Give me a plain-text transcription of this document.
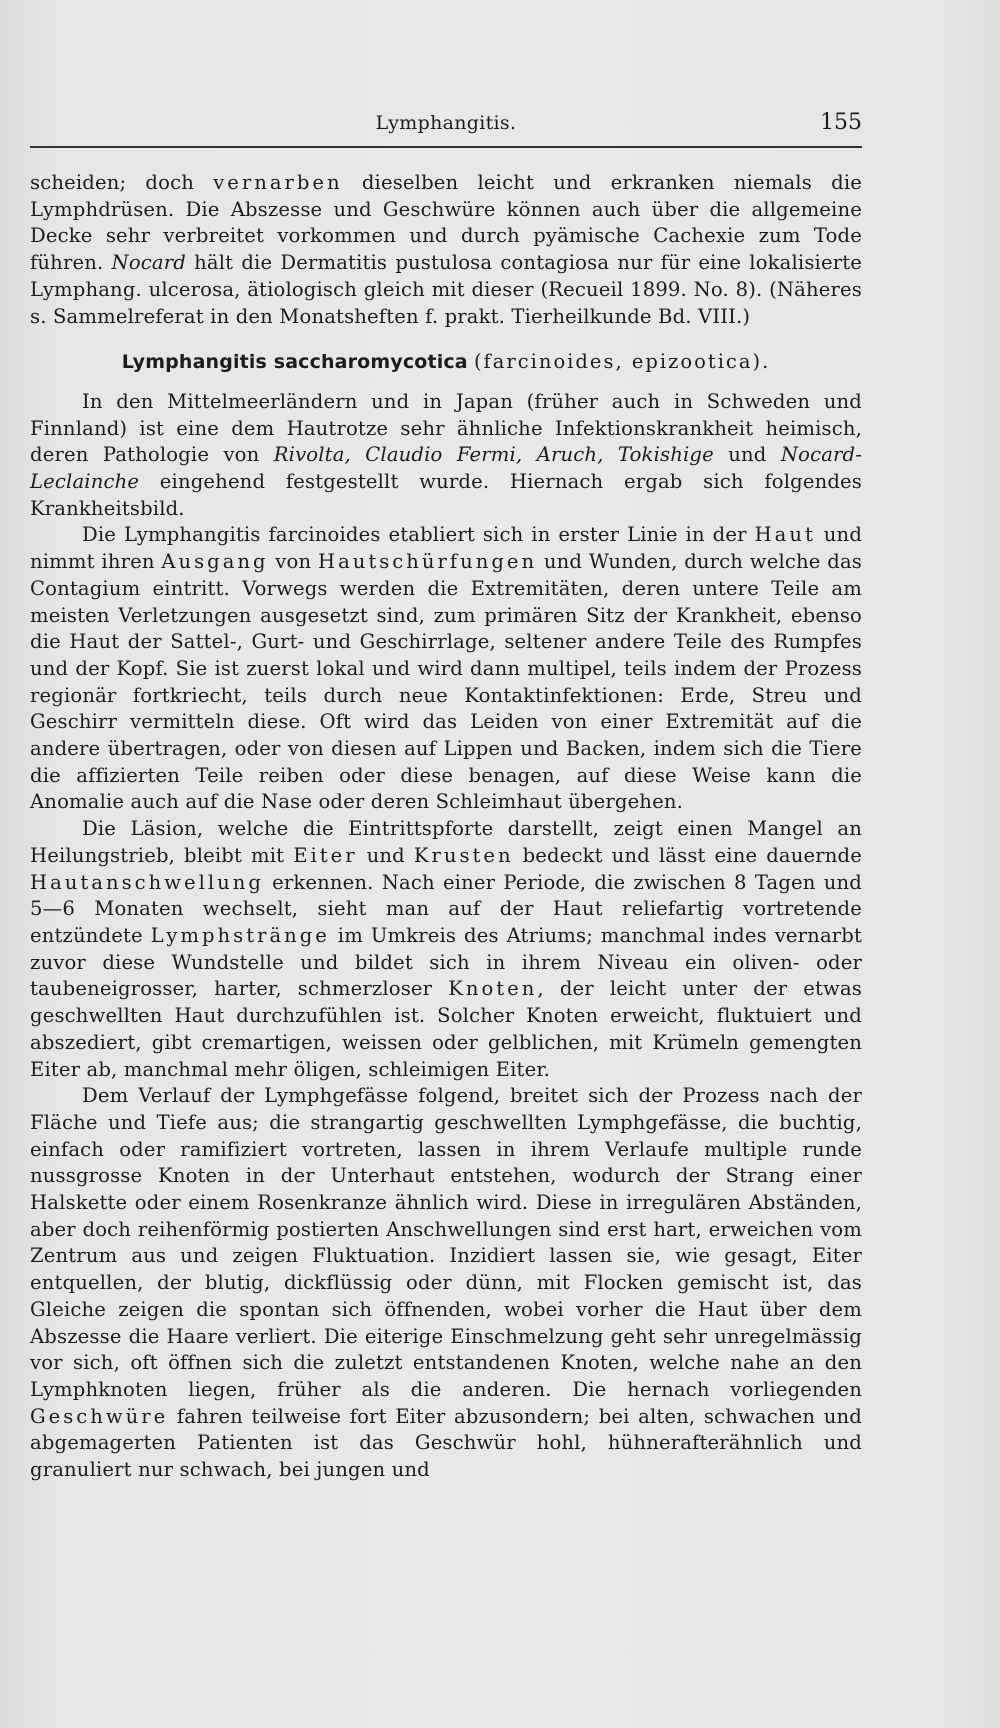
Lymphangitis.	155

scheiden; doch vernarben dieselben leicht und erkranken niemals die Lymphdrüsen. Die Abszesse und Geschwüre können auch über die allgemeine Decke sehr verbreitet vorkommen und durch pyämische Cachexie zum Tode führen. Nocard hält die Dermatitis pustulosa contagiosa nur für eine lokalisierte Lymphang. ulcerosa, ätiologisch gleich mit dieser (Recueil 1899. No. 8). (Näheres s. Sammelreferat in den Monatsheften f. prakt. Tierheilkunde Bd. VIII.)

Lymphangitis saccharomycotica (farcinoides, epizootica).

In den Mittelmeerländern und in Japan (früher auch in Schweden und Finnland) ist eine dem Hautrotze sehr ähnliche Infektionskrankheit heimisch, deren Pathologie von Rivolta, Claudio Fermi, Aruch, Tokishige und Nocard-Leclainche eingehend festgestellt wurde. Hiernach ergab sich folgendes Krankheitsbild.

Die Lymphangitis farcinoides etabliert sich in erster Linie in der Haut und nimmt ihren Ausgang von Hautschürfungen und Wunden, durch welche das Contagium eintritt. Vorwegs werden die Extremitäten, deren untere Teile am meisten Verletzungen ausgesetzt sind, zum primären Sitz der Krankheit, ebenso die Haut der Sattel-, Gurt- und Geschirrlage, seltener andere Teile des Rumpfes und der Kopf. Sie ist zuerst lokal und wird dann multipel, teils indem der Prozess regionär fortkriecht, teils durch neue Kontaktinfektionen: Erde, Streu und Geschirr vermitteln diese. Oft wird das Leiden von einer Extremität auf die andere übertragen, oder von diesen auf Lippen und Backen, indem sich die Tiere die affizierten Teile reiben oder diese benagen, auf diese Weise kann die Anomalie auch auf die Nase oder deren Schleimhaut übergehen.

Die Läsion, welche die Eintrittspforte darstellt, zeigt einen Mangel an Heilungstrieb, bleibt mit Eiter und Krusten bedeckt und lässt eine dauernde Hautanschwellung erkennen. Nach einer Periode, die zwischen 8 Tagen und 5—6 Monaten wechselt, sieht man auf der Haut reliefartig vortretende entzündete Lymphstränge im Umkreis des Atriums; manchmal indes vernarbt zuvor diese Wundstelle und bildet sich in ihrem Niveau ein oliven- oder taubeneigrosser, harter, schmerzloser Knoten, der leicht unter der etwas geschwellten Haut durchzufühlen ist. Solcher Knoten erweicht, fluktuiert und abszediert, gibt cremartigen, weissen oder gelblichen, mit Krümeln gemengten Eiter ab, manchmal mehr öligen, schleimigen Eiter.

Dem Verlauf der Lymphgefässe folgend, breitet sich der Prozess nach der Fläche und Tiefe aus; die strangartig geschwellten Lymphgefässe, die buchtig, einfach oder ramifiziert vortreten, lassen in ihrem Verlaufe multiple runde nussgrosse Knoten in der Unterhaut entstehen, wodurch der Strang einer Halskette oder einem Rosenkranze ähnlich wird. Diese in irregulären Abständen, aber doch reihenförmig postierten Anschwellungen sind erst hart, erweichen vom Zentrum aus und zeigen Fluktuation. Inzidiert lassen sie, wie gesagt, Eiter entquellen, der blutig, dickflüssig oder dünn, mit Flocken gemischt ist, das Gleiche zeigen die spontan sich öffnenden, wobei vorher die Haut über dem Abszesse die Haare verliert. Die eiterige Einschmelzung geht sehr unregelmässig vor sich, oft öffnen sich die zuletzt entstandenen Knoten, welche nahe an den Lymphknoten liegen, früher als die anderen. Die hernach vorliegenden Geschwüre fahren teilweise fort Eiter abzusondern; bei alten, schwachen und abgemagerten Patienten ist das Geschwür hohl, hühnerafterähnlich und granuliert nur schwach, bei jungen und
